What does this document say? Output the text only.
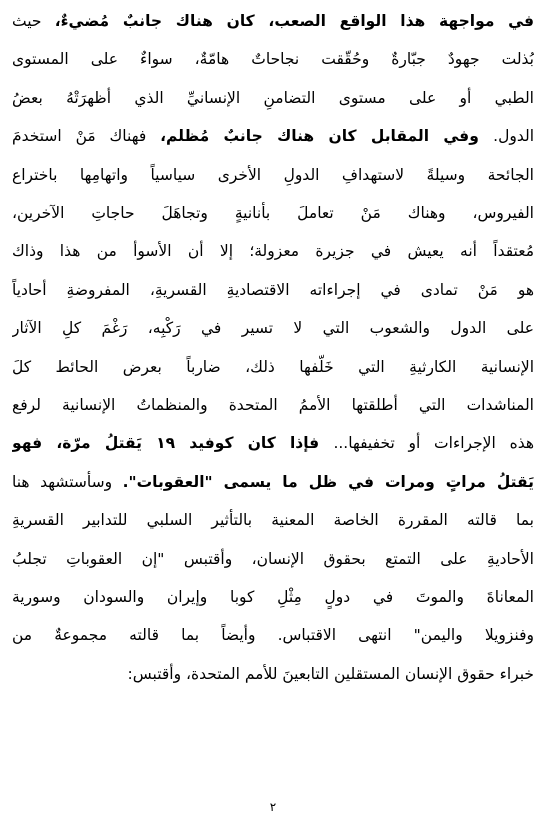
في مواجهة هذا الواقع الصعب، كان هناك جانبٌ مُضيءٌ، حيث
بُذلت جهودٌ جبّارةٌ وحُقّقت نجاحاتٌ هامّةٌ، سواءٌ على المستوى
الطبي أو على مستوى التضامنِ الإنسانيِّ الذي أظهرَتْهُ بعضُ
الدول. وفي المقابل كان هناك جانبٌ مُظلم، فهناك مَنْ استخدمَ
الجائحة وسيلةً لاستهدافِ الدولِ الأخرى سياسياً واتهامِها باختراع
الفيروس، وهناك مَنْ تعاملَ بأنانيةٍ وتجاهَلَ حاجاتِ الآخرين،
مُعتقداً أنه يعيش في جزيرة معزولة؛ إلا أن الأسوأ من هذا وذاك
هو مَنْ تمادى في إجراءاته الاقتصاديةِ القسريةِ، المفروضةِ أحادياً
على الدول والشعوب التي لا تسير في رَكْبِه، رَغْمَ كلِ الآثار
الإنسانية الكارثيةِ التي خَلّفها ذلك، ضارباً بعرض الحائط كلَ
المناشدات التي أطلقتها الأممُ المتحدة والمنظماتُ الإنسانية لرفع
هذه الإجراءات أو تخفيفها... فإذا كان كوفيد ١٩ يَقتلُ مرّة، فهو
يَقتلُ مراتٍ ومرات في ظل ما يسمى "العقوبات". وسأستشهد هنا
بما قالته المقررة الخاصة المعنية بالتأثير السلبي للتدابير القسريةِ
الأحاديةِ على التمتع بحقوق الإنسان، وأقتبس "إن العقوباتِ تجلبُ
المعاناةَ والموتَ في دولٍ مِثْلِ كوبا وإيران والسودان وسورية
وفنزويلا واليمن" انتهى الاقتباس. وأيضاً بما قالته مجموعةٌ من
خبراء حقوق الإنسان المستقلين التابعينَ للأمم المتحدة، وأقتبس:
٢
